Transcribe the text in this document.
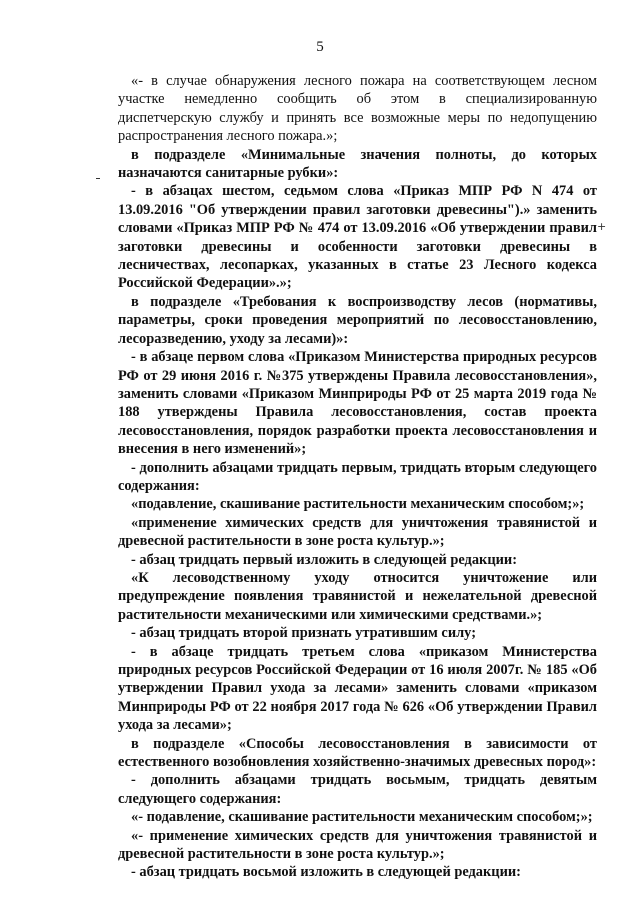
5
+

«- в случае обнаружения лесного пожара на соответствующем лесном участке немедленно сообщить об этом в специализированную диспетчерскую службу и принять все возможные меры по недопущению распространения лесного пожара.»;

в подразделе «Минимальные значения полноты, до которых назначаются санитарные рубки»:

- в абзацах шестом, седьмом слова «Приказ МПР РФ N 474 от 13.09.2016 "Об утверждении правил заготовки древесины").» заменить словами «Приказ МПР РФ № 474 от 13.09.2016 «Об утверждении правил заготовки древесины и особенности заготовки древесины в лесничествах, лесопарках, указанных в статье 23 Лесного кодекса Российской Федерации».»;

в подразделе «Требования к воспроизводству лесов (нормативы, параметры, сроки проведения мероприятий по лесовосстановлению, лесоразведению, уходу за лесами)»:

- в абзаце первом слова «Приказом Министерства природных ресурсов РФ от 29 июня 2016 г. №375 утверждены Правила лесовосстановления», заменить словами «Приказом Минприроды РФ от 25 марта 2019 года № 188 утверждены Правила лесовосстановления, состав проекта лесовосстановления, порядок разработки проекта лесовосстановления и внесения в него изменений»;

- дополнить абзацами тридцать первым, тридцать вторым следующего содержания:

«подавление, скашивание растительности механическим способом;»;

«применение химических средств для уничтожения травянистой и древесной растительности в зоне роста культур.»;

- абзац тридцать первый изложить в следующей редакции:

«К лесоводственному уходу относится уничтожение или предупреждение появления травянистой и нежелательной древесной растительности механическими или химическими средствами.»;

- абзац тридцать второй признать утратившим силу;

- в абзаце тридцать третьем слова «приказом Министерства природных ресурсов Российской Федерации от 16 июля 2007г. № 185 «Об утверждении Правил ухода за лесами» заменить словами «приказом Минприроды РФ от 22 ноября 2017 года № 626 «Об утверждении Правил ухода за лесами»;

в подразделе «Способы лесовосстановления в зависимости от естественного возобновления хозяйственно-значимых древесных пород»:

- дополнить абзацами тридцать восьмым, тридцать девятым следующего содержания:

«- подавление, скашивание растительности механическим способом;»;

«- применение химических средств для уничтожения травянистой и древесной растительности в зоне роста культур.»;

- абзац тридцать восьмой изложить в следующей редакции:
